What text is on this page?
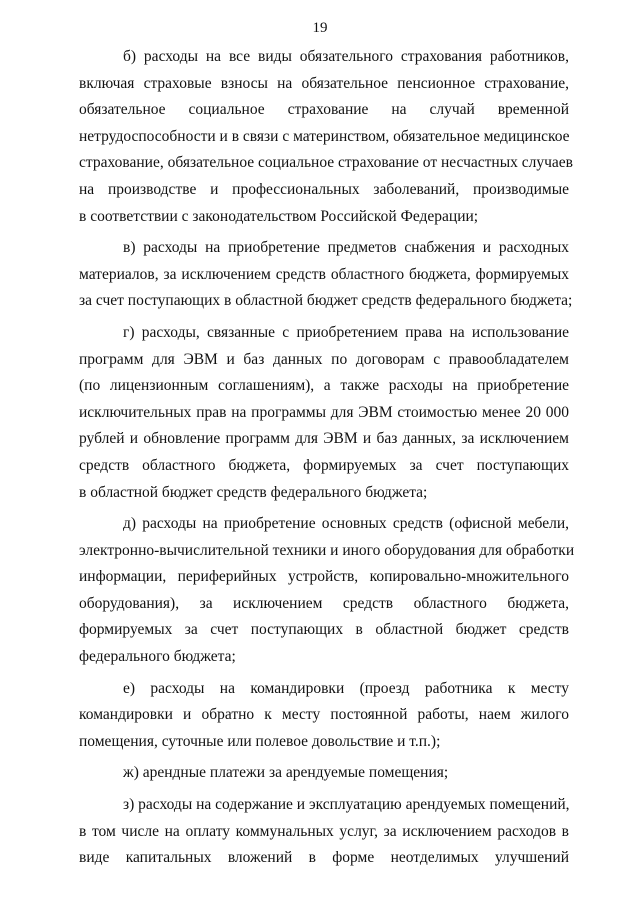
19

б) расходы на все виды обязательного страхования работников,
включая страховые взносы на обязательное пенсионное страхование,
обязательное социальное страхование на случай временной
нетрудоспособности и в связи с материнством, обязательное медицинское
страхование, обязательное социальное страхование от несчастных случаев
на производстве и профессиональных заболеваний, производимые
в соответствии с законодательством Российской Федерации;

в) расходы на приобретение предметов снабжения и расходных
материалов, за исключением средств областного бюджета, формируемых
за счет поступающих в областной бюджет средств федерального бюджета;

г) расходы, связанные с приобретением права на использование
программ для ЭВМ и баз данных по договорам с правообладателем
(по лицензионным соглашениям), а также расходы на приобретение
исключительных прав на программы для ЭВМ стоимостью менее 20 000
рублей и обновление программ для ЭВМ и баз данных, за исключением
средств областного бюджета, формируемых за счет поступающих
в областной бюджет средств федерального бюджета;

д) расходы на приобретение основных средств (офисной мебели,
электронно-вычислительной техники и иного оборудования для обработки
информации, периферийных устройств, копировально-множительного
оборудования), за исключением средств областного бюджета,
формируемых за счет поступающих в областной бюджет средств
федерального бюджета;

е) расходы на командировки (проезд работника к месту
командировки и обратно к месту постоянной работы, наем жилого
помещения, суточные или полевое довольствие и т.п.);

ж) арендные платежи за арендуемые помещения;

з) расходы на содержание и эксплуатацию арендуемых помещений,
в том числе на оплату коммунальных услуг, за исключением расходов в
виде капитальных вложений в форме неотделимых улучшений
